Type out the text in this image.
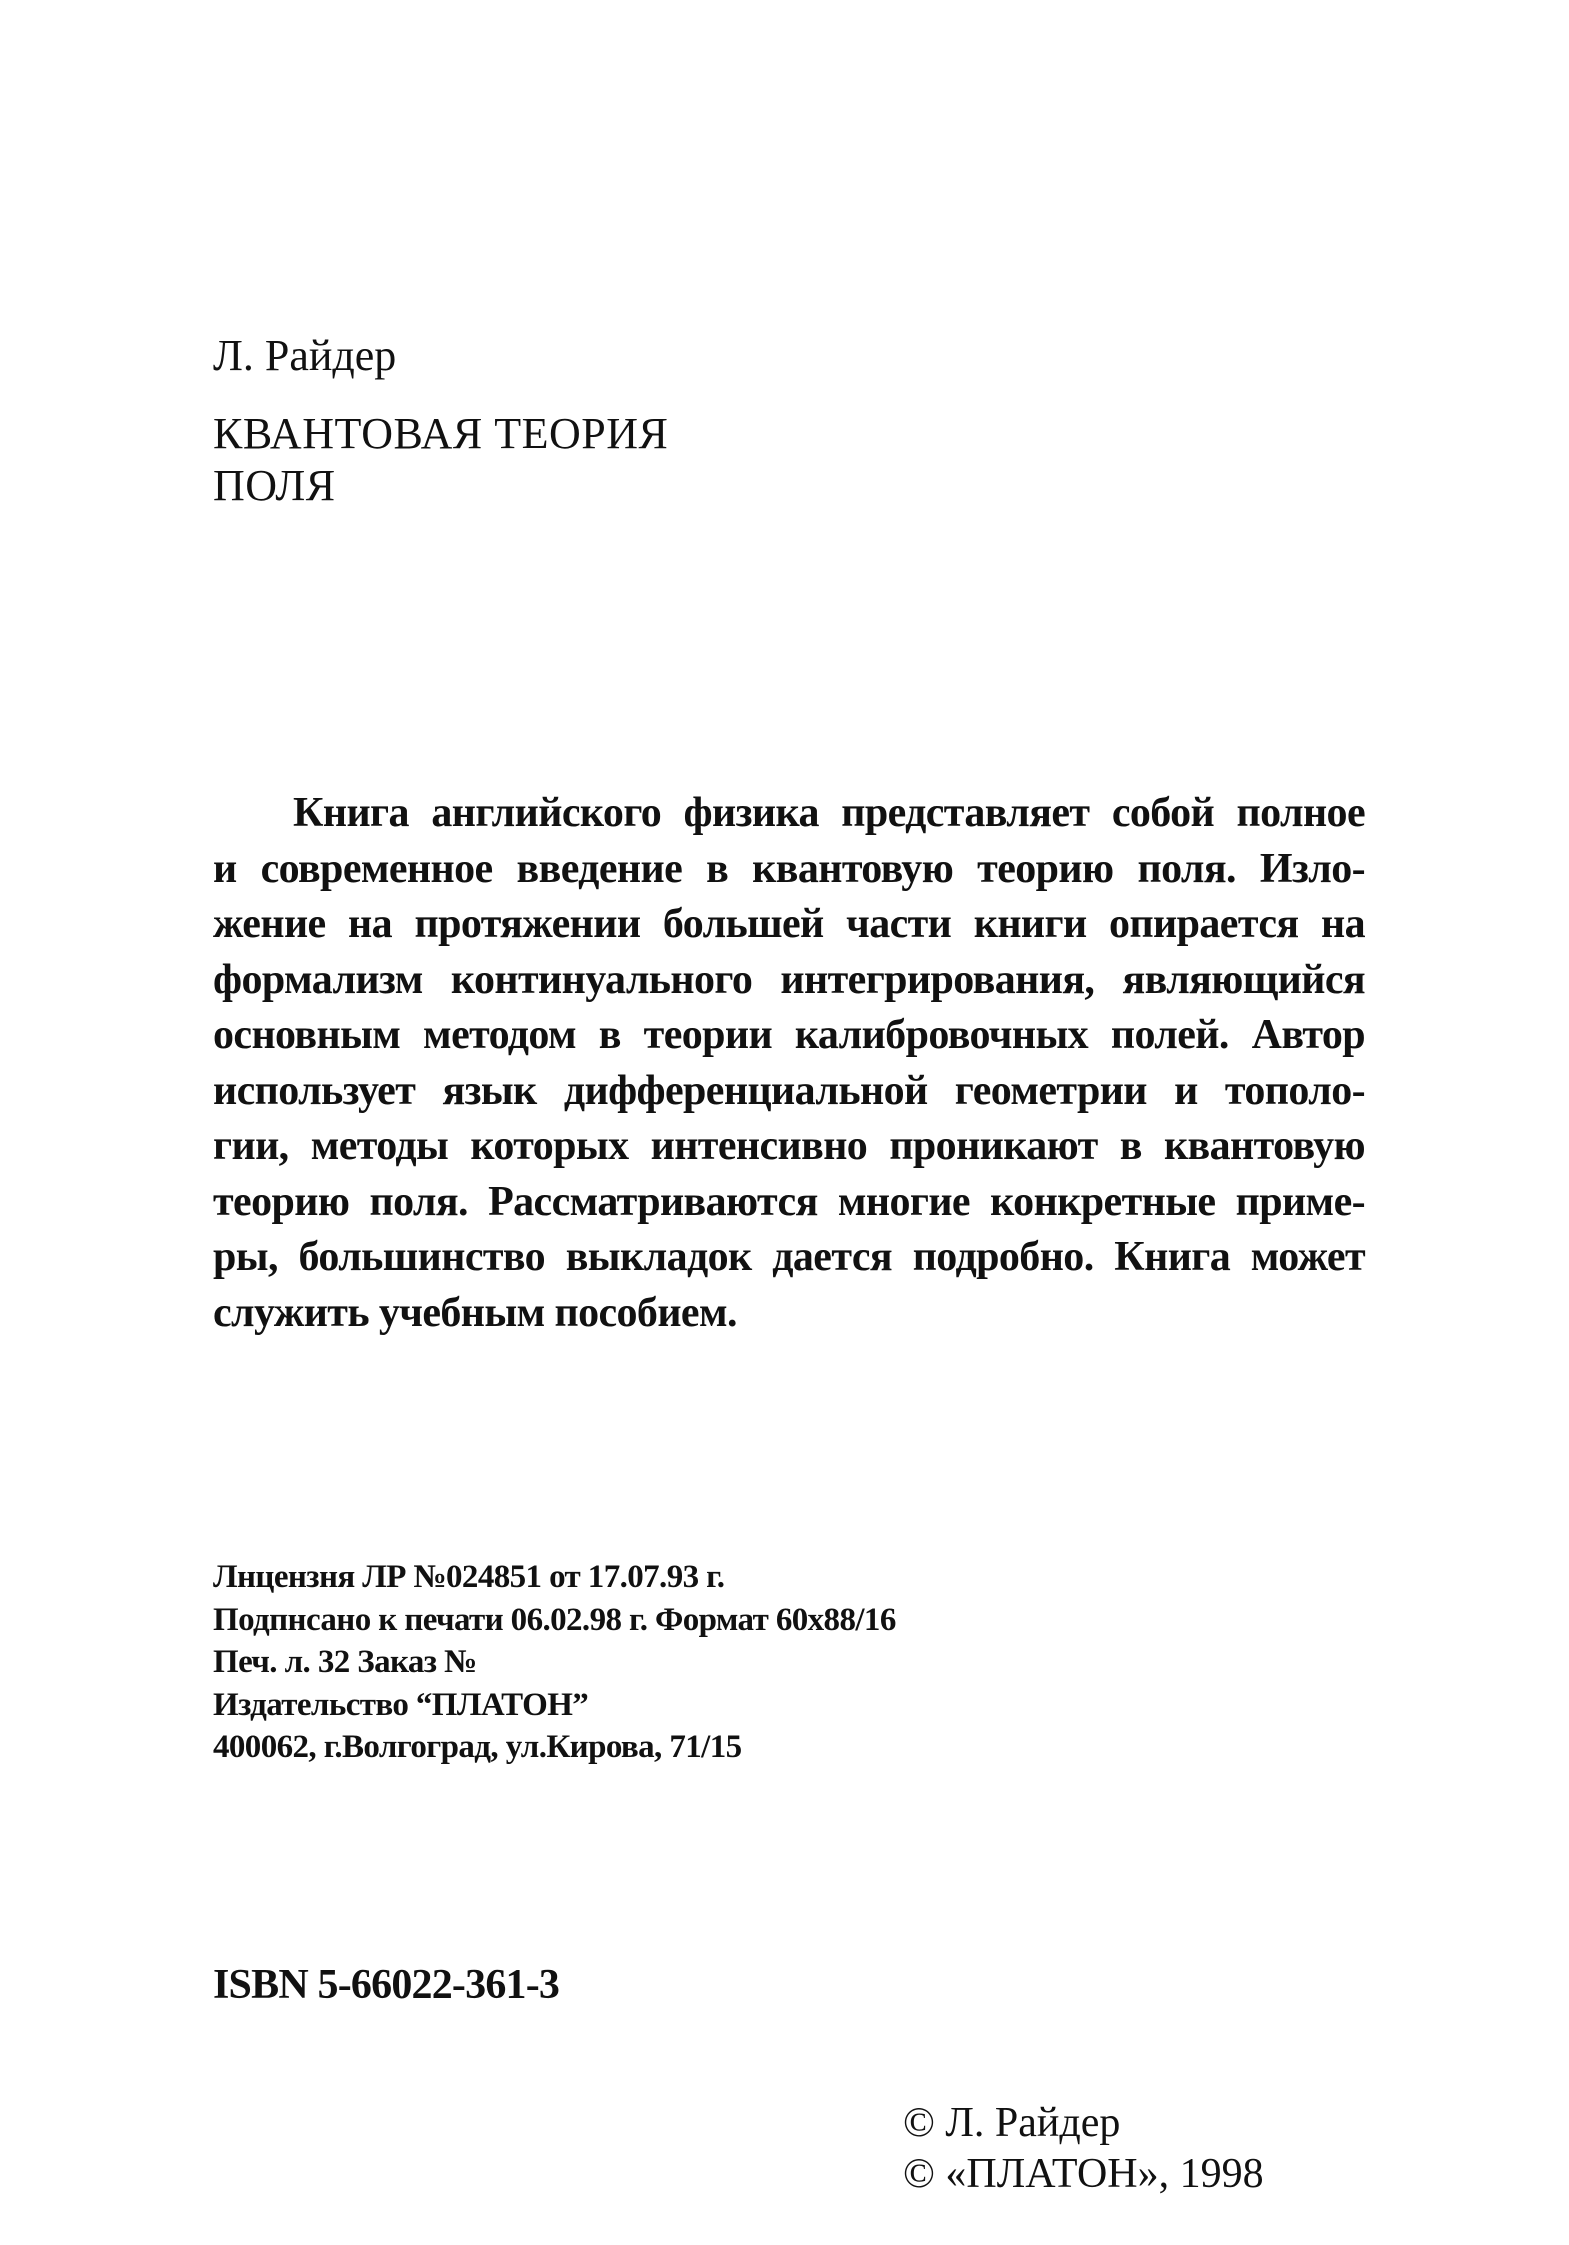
Л. Райдер
КВАНТОВАЯ ТЕОРИЯ
ПОЛЯ
Книга английского физика представляет собой полное
и современное введение в квантовую теорию поля. Изло-
жение на протяжении большей части книги опирается на
формализм континуального интегрирования, являющийся
основным методом в теории калибровочных полей. Автор
использует язык дифференциальной геометрии и тополо-
гии, методы которых интенсивно проникают в квантовую
теорию поля. Рассматриваются многие конкретные приме-
ры, большинство выкладок дается подробно. Книга может
служить учебным пособием.
Лнцензня ЛР №024851 от 17.07.93 г.
Подпнсано к печати 06.02.98 г. Формат 60x88/16
Печ. л. 32 Заказ №
Издательство “ПЛАТОН”
400062, г.Волгоград, ул.Кирова, 71/15
ISBN 5-66022-361-3
© Л. Райдер
© «ПЛАТОН», 1998
